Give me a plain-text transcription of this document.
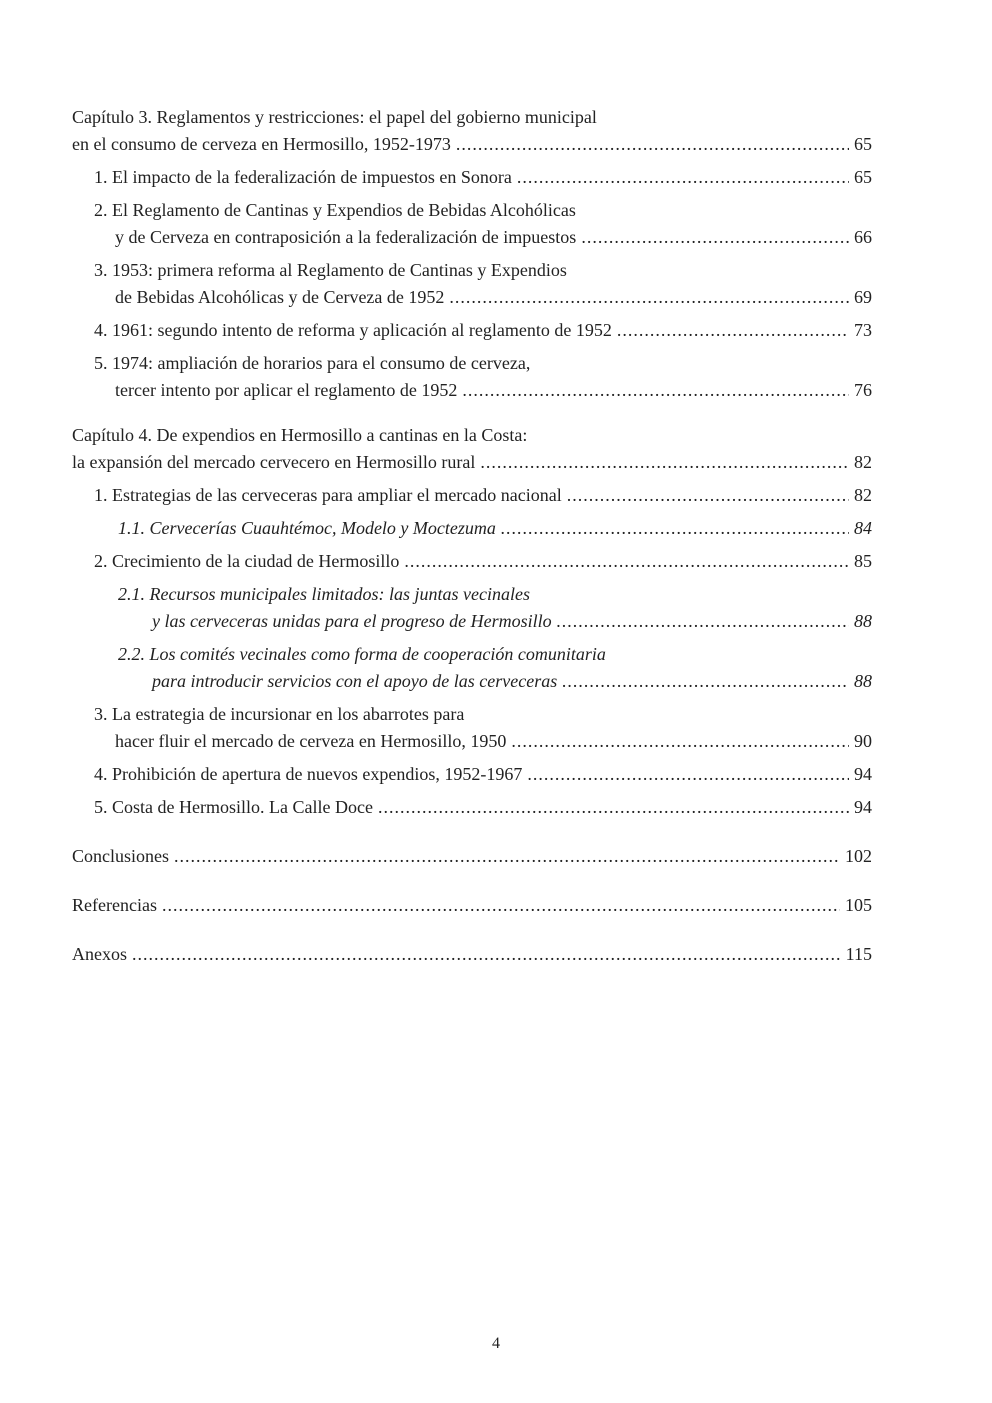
Capítulo 3. Reglamentos y restricciones: el papel del gobierno municipal
en el consumo de cerveza en Hermosillo, 1952-1973 .....	65
1. El impacto de la federalización de impuestos en Sonora .....	65
2. El Reglamento de Cantinas y Expendios de Bebidas Alcohólicas
y de Cerveza en contraposición a la federalización de impuestos .....	66
3. 1953: primera reforma al Reglamento de Cantinas y Expendios
de Bebidas Alcohólicas y de Cerveza de 1952 .....	69
4. 1961: segundo intento de reforma y aplicación al reglamento de 1952 .....	73
5. 1974: ampliación de horarios para el consumo de cerveza,
tercer intento por aplicar el reglamento de 1952 .....	76
Capítulo 4. De expendios en Hermosillo a cantinas en la Costa:
la expansión del mercado cervecero en Hermosillo rural .....	82
1. Estrategias de las cerveceras para ampliar el mercado nacional .....	82
1.1. Cervecerías Cuauhtémoc, Modelo y Moctezuma .....	84
2. Crecimiento de la ciudad de Hermosillo .....	85
2.1. Recursos municipales limitados: las juntas vecinales
y las cerveceras unidas para el progreso de Hermosillo .....	88
2.2. Los comités vecinales como forma de cooperación comunitaria
para introducir servicios con el apoyo de las cerveceras .....	88
3. La estrategia de incursionar en los abarrotes para
hacer fluir el mercado de cerveza en Hermosillo, 1950 .....	90
4. Prohibición de apertura de nuevos expendios, 1952-1967 .....	94
5. Costa de Hermosillo. La Calle Doce .....	94
Conclusiones .....	102
Referencias .....	105
Anexos .....	115
4
